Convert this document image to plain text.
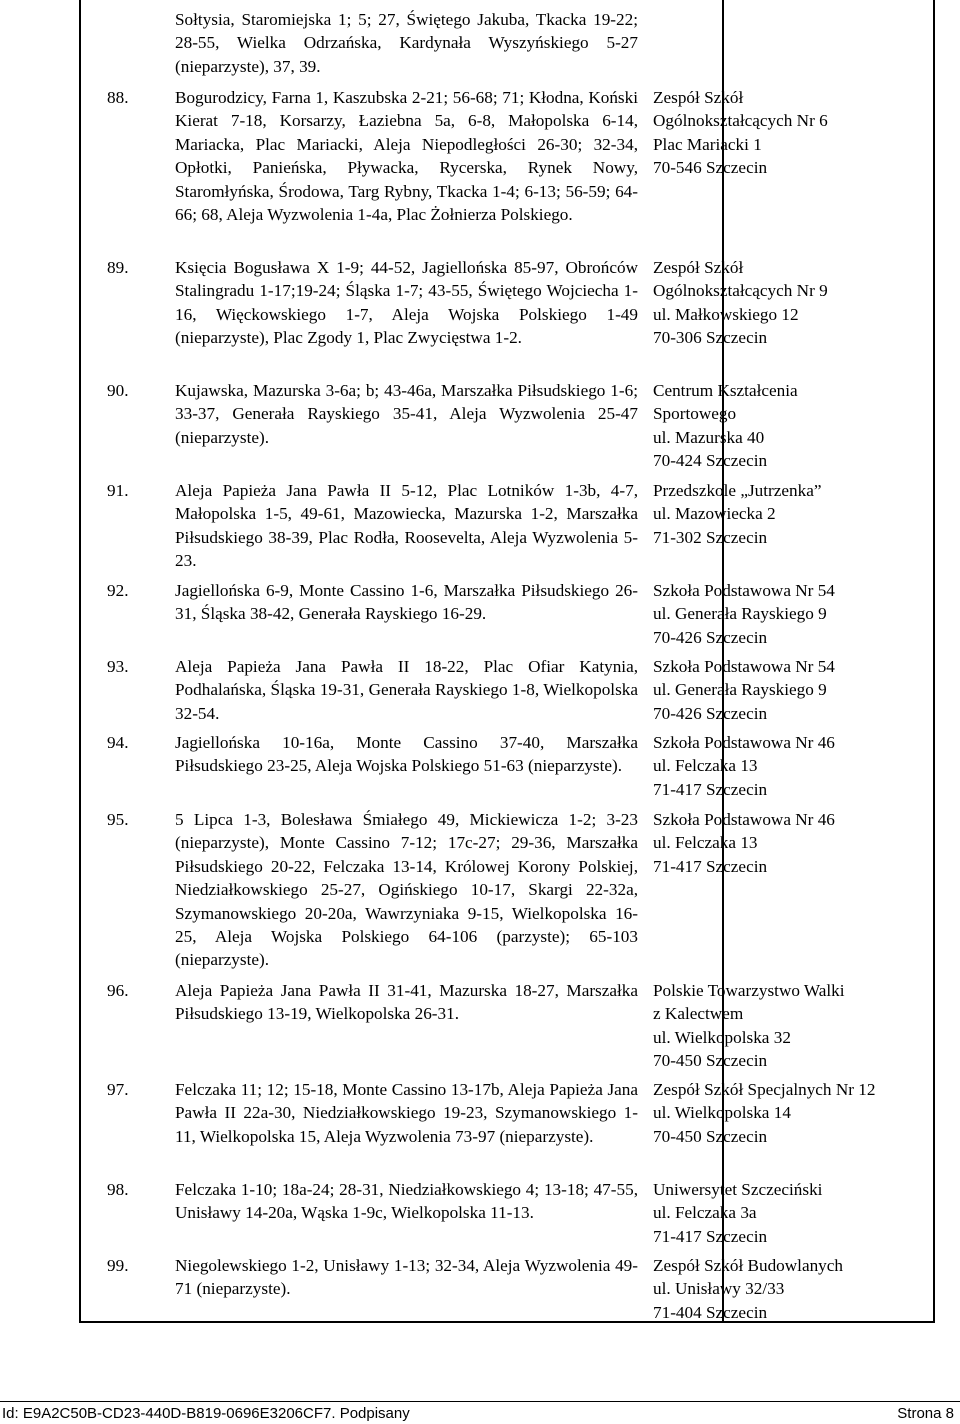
Sołtysia, Staromiejska 1; 5; 27, Świętego Jakuba, Tkacka 19-22; 28-55, Wielka Odrzańska, Kardynała Wyszyńskiego 5-27 (nieparzyste), 37, 39.
88.	Bogurodzicy, Farna 1, Kaszubska 2-21; 56-68; 71; Kłodna, Koński Kierat 7-18, Korsarzy, Łaziebna 5a, 6-8, Małopolska 6-14, Mariacka, Plac Mariacki, Aleja Niepodległości 26-30; 32-34, Opłotki, Panieńska, Pływacka, Rycerska, Rynek Nowy, Staromłyńska, Środowa, Targ Rybny, Tkacka 1-4; 6-13; 56-59; 64-66; 68, Aleja Wyzwolenia 1-4a, Plac Żołnierza Polskiego.
Zespół Szkół
Ogólnokształcących Nr 6
Plac Mariacki 1
70-546 Szczecin
89.	Księcia Bogusława X 1-9; 44-52, Jagiellońska 85-97, Obrońców Stalingradu 1-17;19-24; Śląska 1-7; 43-55, Świętego Wojciecha 1-16, Więckowskiego 1-7, Aleja Wojska Polskiego 1-49 (nieparzyste), Plac Zgody 1, Plac Zwycięstwa 1-2.
Zespół Szkół
Ogólnokształcących Nr 9
ul. Małkowskiego 12
70-306 Szczecin
90.	Kujawska, Mazurska 3-6a; b; 43-46a, Marszałka Piłsudskiego 1-6; 33-37, Generała Rayskiego 35-41, Aleja Wyzwolenia 25-47 (nieparzyste).
Centrum Kształcenia
Sportowego
ul. Mazurska 40
70-424 Szczecin
91.	Aleja Papieża Jana Pawła II 5-12, Plac Lotników 1-3b, 4-7, Małopolska 1-5, 49-61, Mazowiecka, Mazurska 1-2, Marszałka Piłsudskiego 38-39, Plac Rodła, Roosevelta, Aleja Wyzwolenia 5-23.
Przedszkole „Jutrzenka”
ul. Mazowiecka 2
71-302 Szczecin
92.	Jagiellońska 6-9, Monte Cassino 1-6, Marszałka Piłsudskiego 26-31, Śląska 38-42, Generała Rayskiego 16-29.
Szkoła Podstawowa Nr 54
ul. Generała Rayskiego 9
70-426 Szczecin
93.	Aleja Papieża Jana Pawła II 18-22, Plac Ofiar Katynia, Podhalańska, Śląska 19-31, Generała Rayskiego 1-8, Wielkopolska 32-54.
Szkoła Podstawowa Nr 54
ul. Generała Rayskiego 9
70-426 Szczecin
94.	Jagiellońska 10-16a, Monte Cassino 37-40, Marszałka Piłsudskiego 23-25, Aleja Wojska Polskiego 51-63 (nieparzyste).
Szkoła Podstawowa Nr 46
ul. Felczaka 13
71-417 Szczecin
95.	5 Lipca 1-3, Bolesława Śmiałego 49, Mickiewicza 1-2; 3-23 (nieparzyste), Monte Cassino 7-12; 17c-27; 29-36, Marszałka Piłsudskiego 20-22, Felczaka 13-14, Królowej Korony Polskiej, Niedziałkowskiego 25-27, Ogińskiego 10-17, Skargi 22-32a, Szymanowskiego 20-20a, Wawrzyniaka 9-15, Wielkopolska 16-25, Aleja Wojska Polskiego 64-106 (parzyste); 65-103 (nieparzyste).
Szkoła Podstawowa Nr 46
ul. Felczaka 13
71-417 Szczecin
96.	Aleja Papieża Jana Pawła II 31-41, Mazurska 18-27, Marszałka Piłsudskiego 13-19, Wielkopolska 26-31.
Polskie Towarzystwo Walki
z Kalectwem
ul. Wielkopolska 32
70-450 Szczecin
97.	Felczaka 11; 12; 15-18, Monte Cassino 13-17b, Aleja Papieża Jana Pawła II 22a-30, Niedziałkowskiego 19-23, Szymanowskiego 1-11, Wielkopolska 15, Aleja Wyzwolenia 73-97 (nieparzyste).
Zespół Szkół Specjalnych Nr 12
ul. Wielkopolska 14
70-450 Szczecin
98.	Felczaka 1-10; 18a-24; 28-31, Niedziałkowskiego 4; 13-18; 47-55, Unisławy 14-20a, Wąska 1-9c, Wielkopolska 11-13.
Uniwersytet Szczeciński
ul. Felczaka 3a
71-417 Szczecin
99.	Niegolewskiego 1-2, Unisławy 1-13; 32-34, Aleja Wyzwolenia 49-71 (nieparzyste).
Zespół Szkół Budowlanych
ul. Unisławy 32/33
71-404 Szczecin
Id: E9A2C50B-CD23-440D-B819-0696E3206CF7. Podpisany	Strona 8
